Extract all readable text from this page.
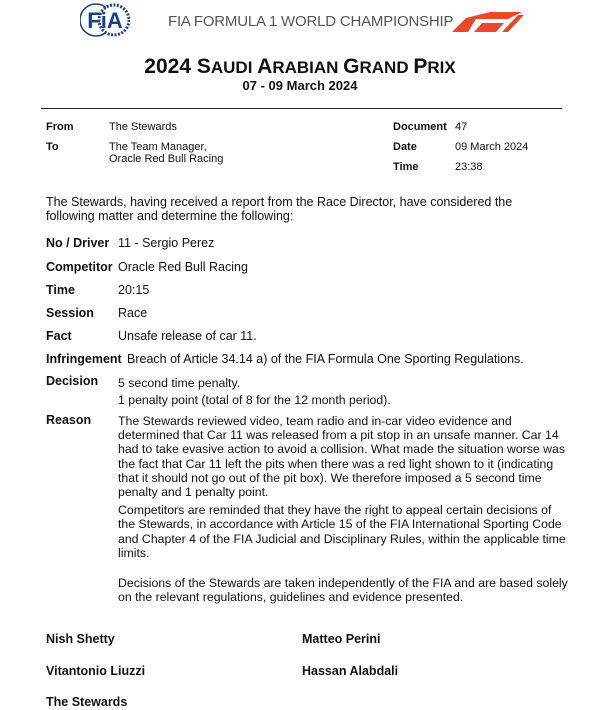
FiA	FIA FORMULA 1 WORLD CHAMPIONSHIP
2024 SAUDI ARABIAN GRAND PRIX
07 - 09 March 2024
From	The Stewards
To	The Team Manager,
Oracle Red Bull Racing
Document 47
Date	09 March 2024
Time	23:38
The Stewards, having received a report from the Race Director, have considered the following matter and determine the following:
No / Driver 11 - Sergio Perez
Competitor Oracle Red Bull Racing
Time	20:15
Session Race
Fact	Unsafe release of car 11.
Infringement Breach of Article 34.14 a) of the FIA Formula One Sporting Regulations.
Decision 5 second time penalty.
1 penalty point (total of 8 for the 12 month period).
Reason The Stewards reviewed video, team radio and in-car video evidence and determined that Car 11 was released from a pit stop in an unsafe manner. Car 14 had to take evasive action to avoid a collision. What made the situation worse was the fact that Car 11 left the pits when there was a red light shown to it (indicating that it should not go out of the pit box). We therefore imposed a 5 second time penalty and 1 penalty point.

Competitors are reminded that they have the right to appeal certain decisions of the Stewards, in accordance with Article 15 of the FIA International Sporting Code and Chapter 4 of the FIA Judicial and Disciplinary Rules, within the applicable time limits.

Decisions of the Stewards are taken independently of the FIA and are based solely on the relevant regulations, guidelines and evidence presented.

Nish Shetty	Matteo Perini
Vitantonio Liuzzi	Hassan Alabdali
The Stewards
